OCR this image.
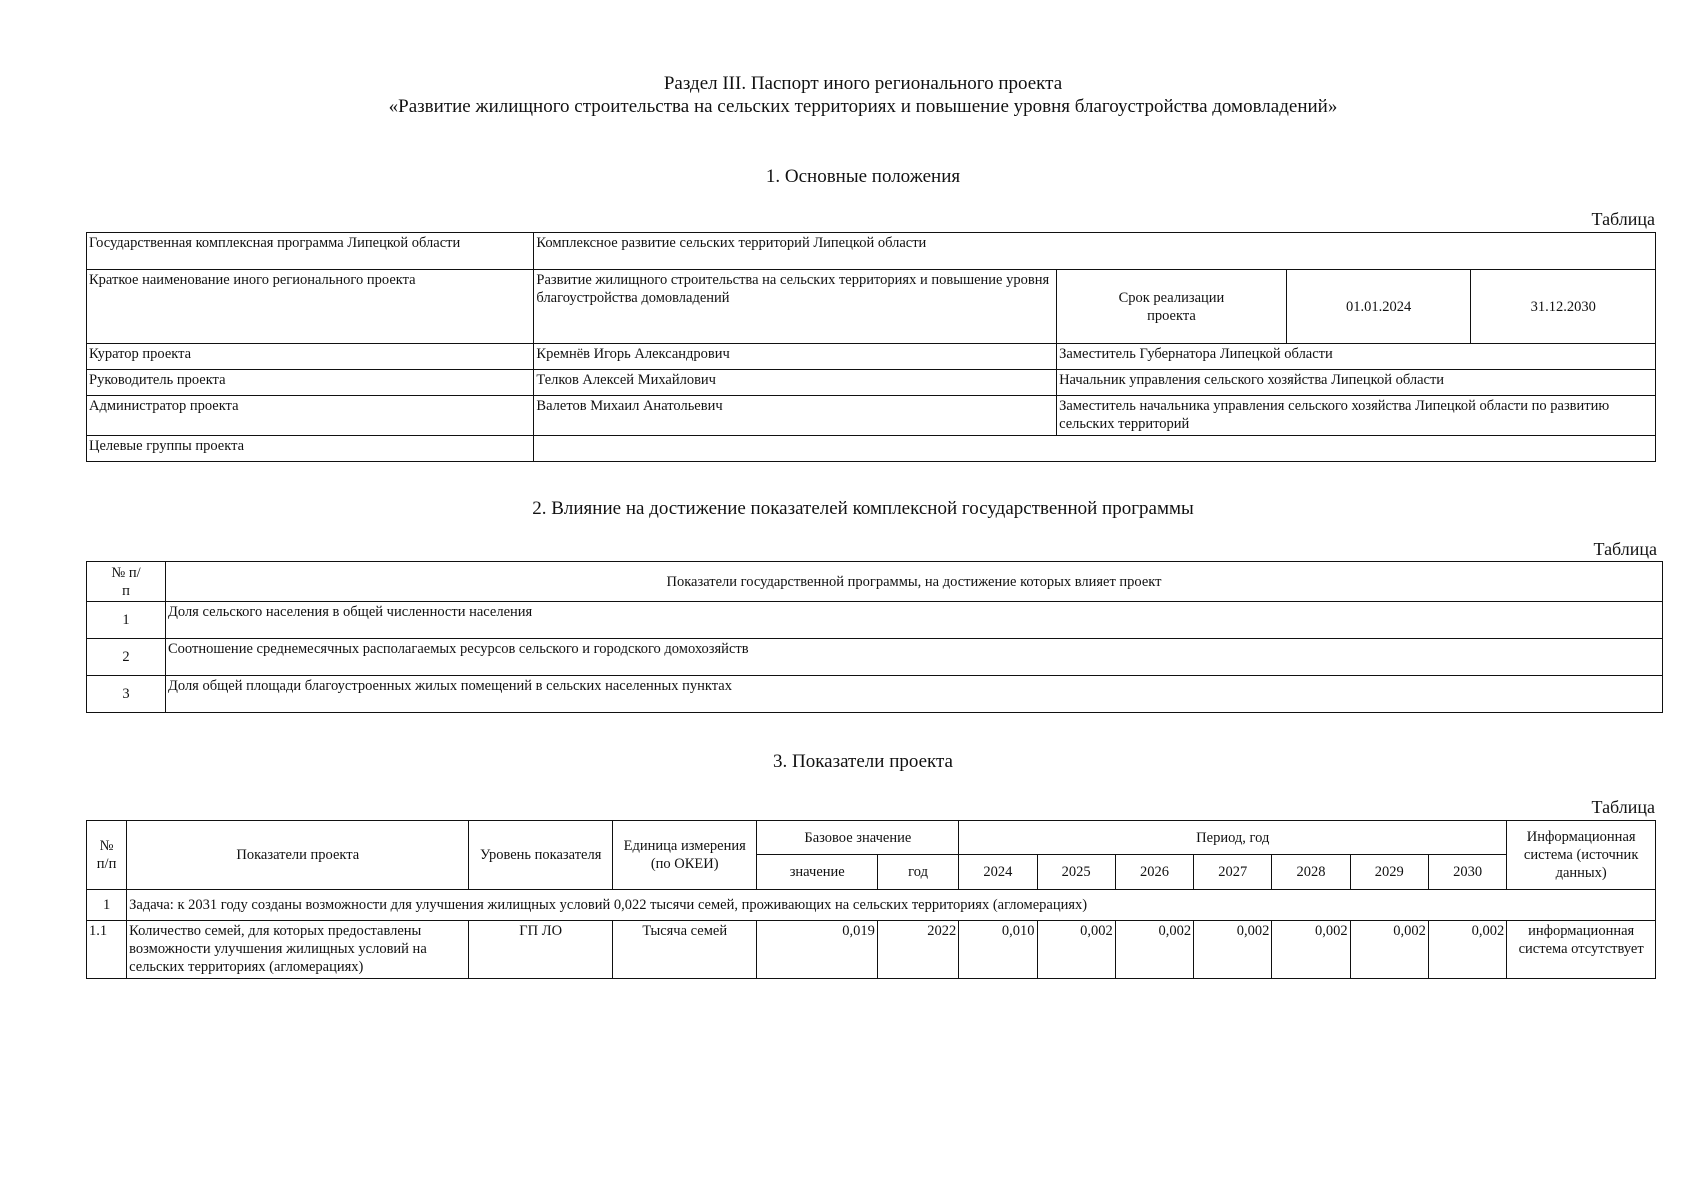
Раздел III. Паспорт иного регионального проекта
«Развитие жилищного строительства на сельских территориях и повышение уровня благоустройства домовладений»
1. Основные положения
Таблица
Государственная комплексная программа Липецкой области	Комплексное развитие сельских территорий Липецкой области			
Краткое наименование иного регионального проекта	Развитие жилищного строительства на сельских территориях и повышение уровня благоустройства домовладений	Срок реализации проекта	01.01.2024	31.12.2030
Куратор проекта	Кремнёв Игорь Александрович	Заместитель Губернатора Липецкой области		
Руководитель проекта	Телков Алексей Михайлович	Начальник управления сельского хозяйства Липецкой области		
Администратор проекта	Валетов Михаил Анатольевич	Заместитель начальника управления сельского хозяйства Липецкой области по развитию сельских территорий		
Целевые группы проекта				
2. Влияние на достижение показателей комплексной государственной программы
Таблица
№ п/п	Показатели государственной программы, на достижение которых влияет проект
1	Доля сельского населения в общей численности населения
2	Соотношение среднемесячных располагаемых ресурсов сельского и городского домохозяйств
3	Доля общей площади благоустроенных жилых помещений в сельских населенных пунктах
3. Показатели проекта
Таблица
№ п/п	Показатели проекта	Уровень показателя	Единица измерения (по ОКЕИ)	Базовое значение		Период, год							Информационная система (источник данных)
				значение	год	2024	2025	2026	2027	2028	2029	2030	
1	Задача: к 2031 году созданы возможности для улучшения жилищных условий 0,022 тысячи семей, проживающих на сельских территориях (агломерациях)												
1.1	Количество семей, для которых предоставлены возможности улучшения жилищных условий на сельских территориях (агломерациях)	ГП ЛО	Тысяча семей	0,019	2022	0,010	0,002	0,002	0,002	0,002	0,002	0,002	информационная система отсутствует
